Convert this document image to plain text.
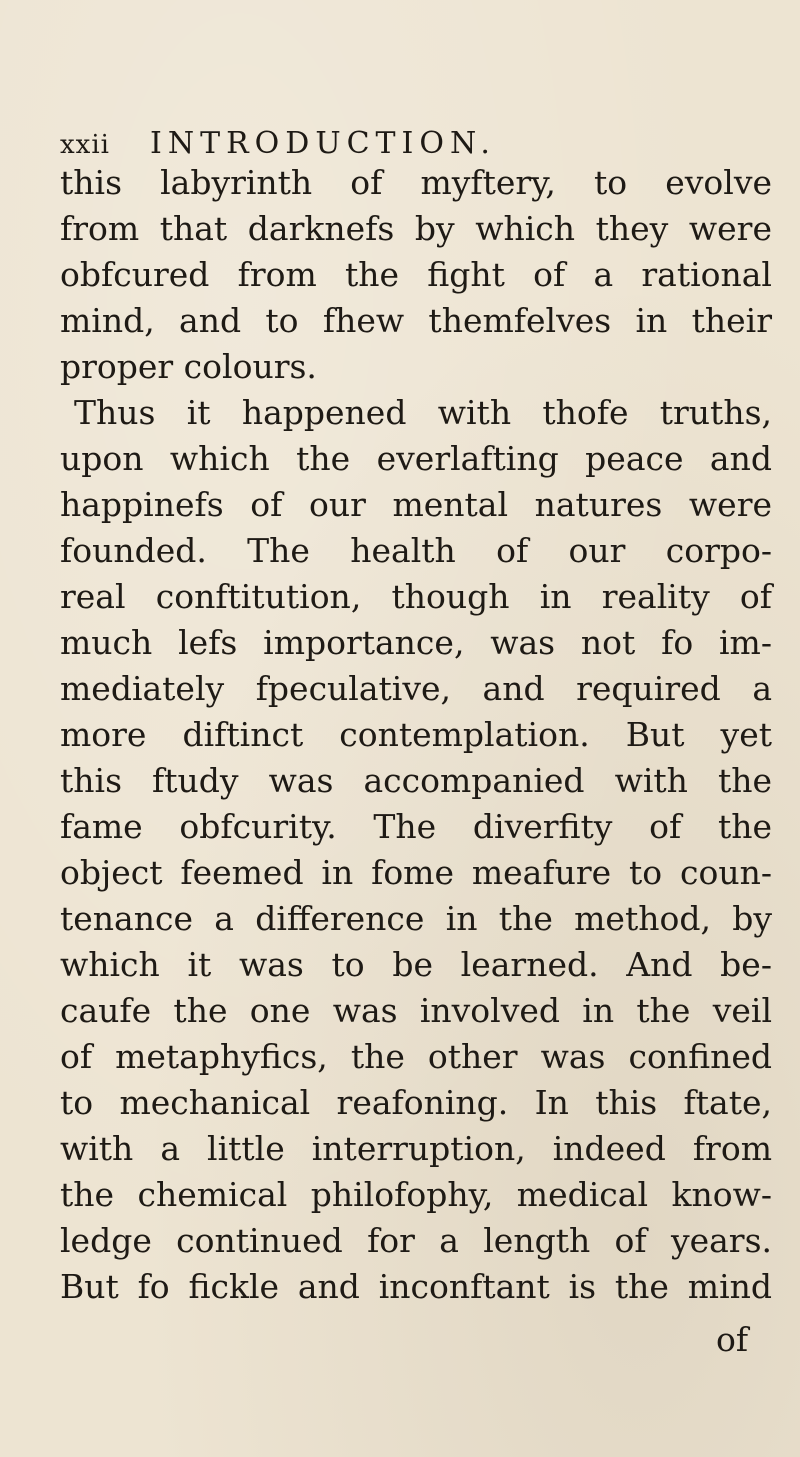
xxii INTRODUCTION.
this labyrinth of myftery, to evolve
from that darknefs by which they were
obfcured from the fight of a rational
mind, and to fhew themfelves in their
proper colours.
Thus it happened with thofe truths,
upon which the everlafting peace and
happinefs of our mental natures were
founded. The health of our corpo-
real conftitution, though in reality of
much lefs importance, was not fo im-
mediately fpeculative, and required a
more diftinct contemplation. But yet
this ftudy was accompanied with the
fame obfcurity. The diverfity of the
object feemed in fome meafure to coun-
tenance a difference in the method, by
which it was to be learned. And be-
caufe the one was involved in the veil
of metaphyfics, the other was confined
to mechanical reafoning. In this ftate,
with a little interruption, indeed from
the chemical philofophy, medical know-
ledge continued for a length of years.
But fo fickle and inconftant is the mind
of
